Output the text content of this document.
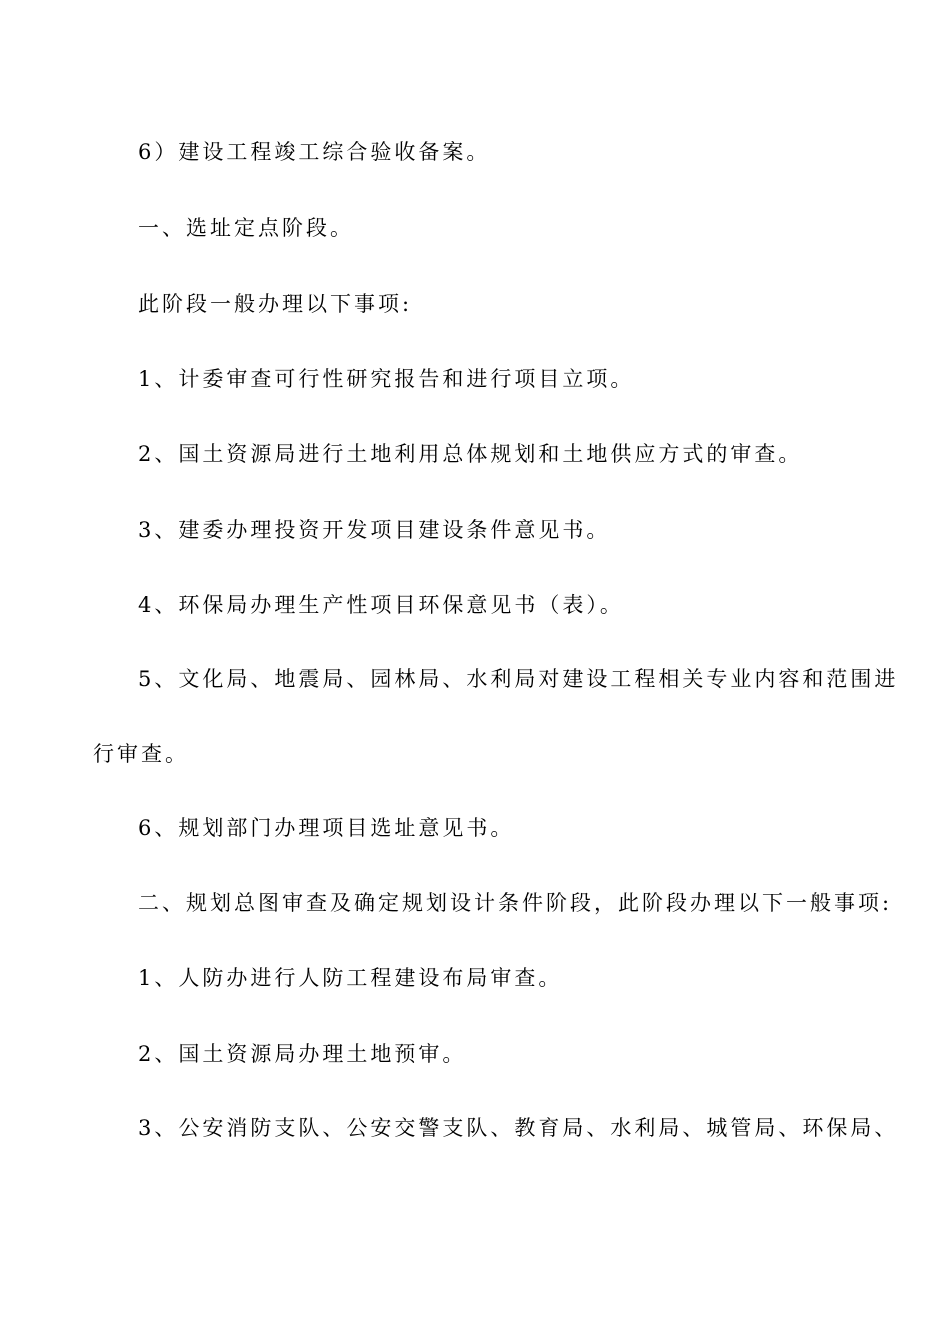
6）建设工程竣工综合验收备案。
一、选址定点阶段。
此阶段一般办理以下事项:
1、计委审查可行性研究报告和进行项目立项。
2、国土资源局进行土地利用总体规划和土地供应方式的审查。
3、建委办理投资开发项目建设条件意见书。
4、环保局办理生产性项目环保意见书（表）。
5、文化局、地震局、园林局、水利局对建设工程相关专业内容和范围进
行审查。
6、规划部门办理项目选址意见书。
二、规划总图审查及确定规划设计条件阶段，此阶段办理以下一般事项:
1、人防办进行人防工程建设布局审查。
2、国土资源局办理土地预审。
3、公安消防支队、公安交警支队、教育局、水利局、城管局、环保局、
